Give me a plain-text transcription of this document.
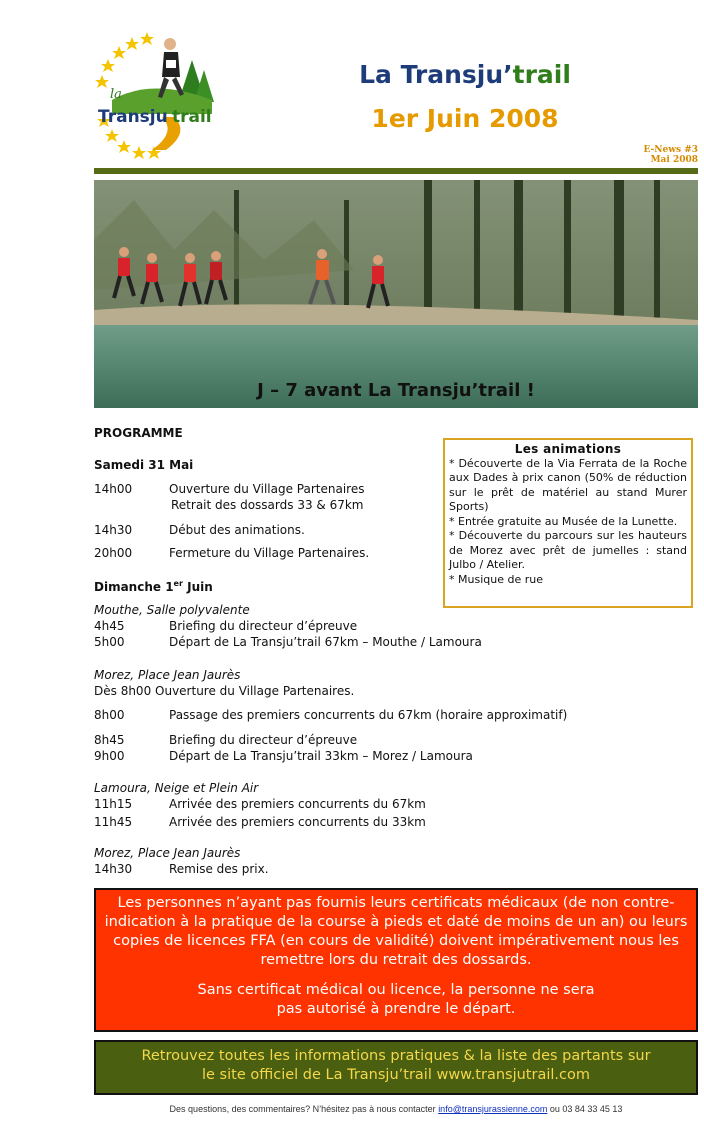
la
Transju trail
La Transju’trail
1er Juin 2008
E-News #3
Mai 2008
J – 7 avant La Transju’trail !
PROGRAMME
Samedi 31 Mai
14h00	Ouverture du Village Partenaires
Retrait des dossards 33 & 67km
14h30	Début des animations.
20h00	Fermeture du Village Partenaires.
Dimanche 1er Juin
Mouthe, Salle polyvalente
4h45	Briefing du directeur d’épreuve
5h00	Départ de La Transju’trail 67km – Mouthe / Lamoura
Morez, Place Jean Jaurès
Dès 8h00 Ouverture du Village Partenaires.
8h00	Passage des premiers concurrents du 67km (horaire approximatif)
8h45	Briefing du directeur d’épreuve
9h00	Départ de La Transju’trail 33km – Morez / Lamoura
Lamoura, Neige et Plein Air
11h15	Arrivée des premiers concurrents du 67km
11h45	Arrivée des premiers concurrents du 33km
Morez, Place Jean Jaurès
14h30	Remise des prix.
Les animations
* Découverte de la Via Ferrata de la Roche aux Dades à prix canon (50% de réduction sur le prêt de matériel au stand Murer Sports)
* Entrée gratuite au Musée de la Lunette.
* Découverte du parcours sur les hauteurs de Morez avec prêt de jumelles : stand Julbo / Atelier.
* Musique de rue
Les personnes n’ayant pas fournis leurs certificats médicaux (de non contre-indication à la pratique de la course à pieds et daté de moins de un an) ou leurs copies de licences FFA (en cours de validité) doivent impérativement nous les remettre lors du retrait des dossards.
Sans certificat médical ou licence, la personne ne sera
pas autorisé à prendre le départ.
Retrouvez toutes les informations pratiques & la liste des partants sur
le site officiel de La Transju’trail www.transjutrail.com
Des questions, des commentaires? N’hésitez pas à nous contacter info@transjurassienne.com ou 03 84 33 45 13
